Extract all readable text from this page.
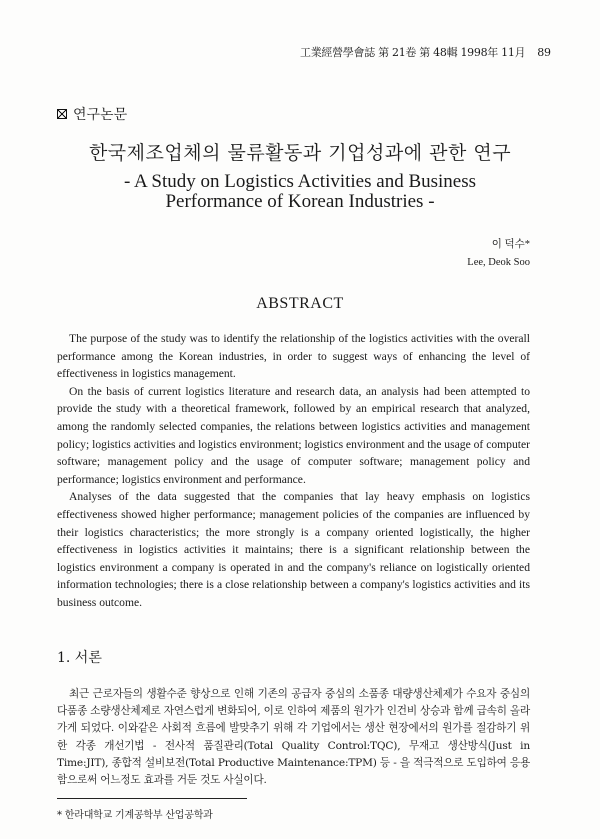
工業經營學會誌 第 21卷 第 48輯 1998年 11月 89
연구논문
한국제조업체의 물류활동과 기업성과에 관한 연구
- A Study on Logistics Activities and Business
Performance of Korean Industries -
이 덕수*
Lee, Deok Soo
ABSTRACT

The purpose of the study was to identify the relationship of the logistics activities with the overall performance among the Korean industries, in order to suggest ways of enhancing the level of effectiveness in logistics management.

On the basis of current logistics literature and research data, an analysis had been attempted to provide the study with a theoretical framework, followed by an empirical research that analyzed, among the randomly selected companies, the relations between logistics activities and management policy; logistics activities and logistics environment; logistics environment and the usage of computer software; management policy and the usage of computer software; management policy and performance; logistics environment and performance.

Analyses of the data suggested that the companies that lay heavy emphasis on logistics effectiveness showed higher performance; management policies of the companies are influenced by their logistics characteristics; the more strongly is a company oriented logistically, the higher effectiveness in logistics activities it maintains; there is a significant relationship between the logistics environment a company is operated in and the company's reliance on logistically oriented information technologies; there is a close relationship between a company's logistics activities and its business outcome.

1. 서론

최근 근로자들의 생활수준 향상으로 인해 기존의 공급자 중심의 소품종 대량생산체제가 수요자 중심의 다품종 소량생산체제로 자연스럽게 변화되어, 이로 인하여 제품의 원가가 인건비 상승과 함께 급속히 올라가게 되었다. 이와같은 사회적 흐름에 발맞추기 위해 각 기업에서는 생산 현장에서의 원가를 절감하기 위한 각종 개선기법 - 전사적 품질관리(Total Quality Control:TQC), 무재고 생산방식(Just in Time:JIT), 종합적 설비보전(Total Productive Maintenance:TPM) 등 - 을 적극적으로 도입하여 응용함으로써 어느정도 효과를 거둔 것도 사실이다.

* 한라대학교 기계공학부 산업공학과
